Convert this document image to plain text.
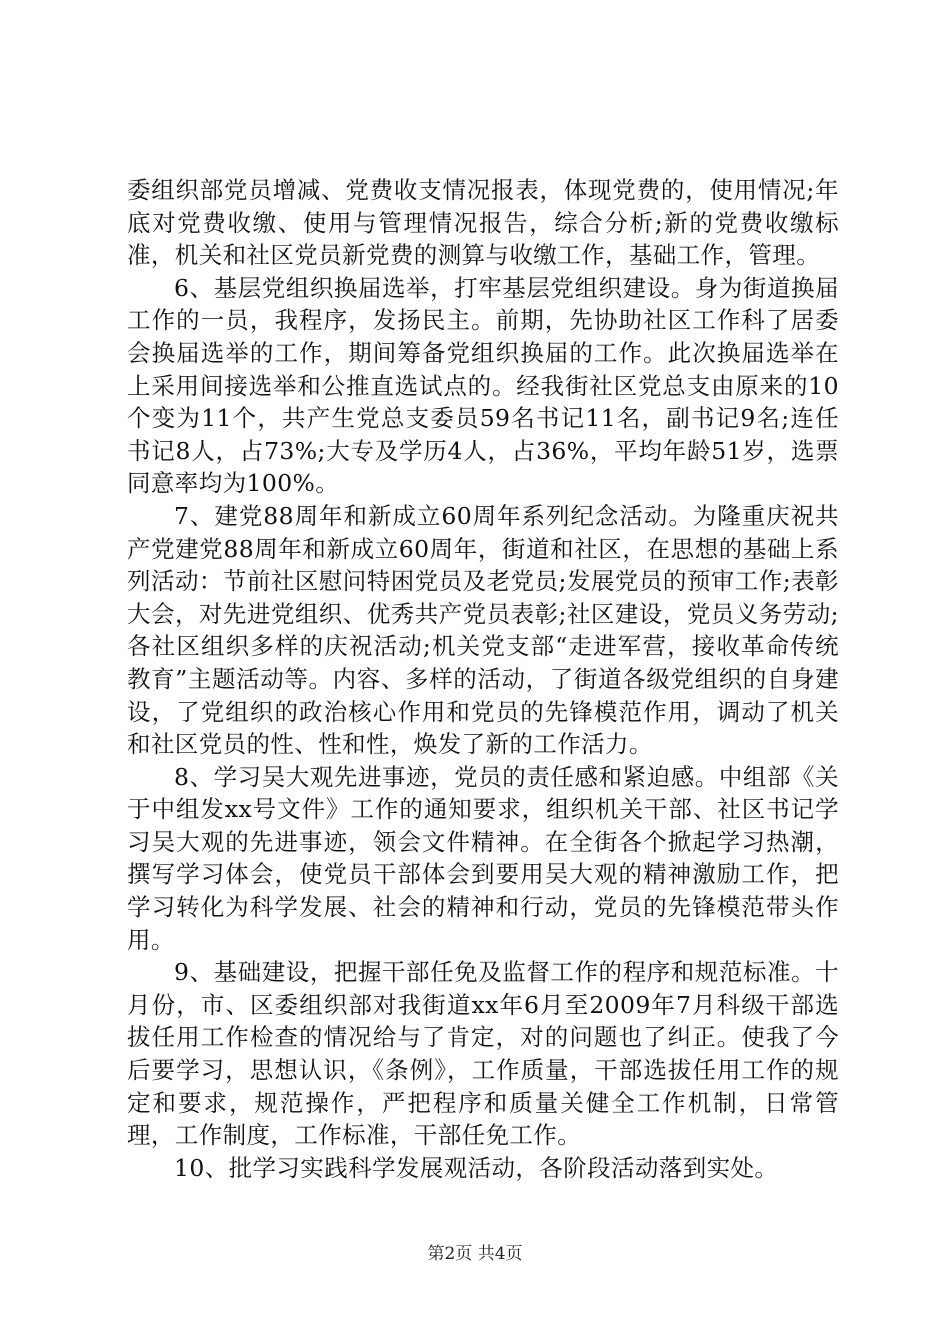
委组织部党员增减、党费收支情况报表，体现党费的，使用情况;年底对党费收缴、使用与管理情况报告，综合分析;新的党费收缴标准，机关和社区党员新党费的测算与收缴工作，基础工作，管理。

6、基层党组织换届选举，打牢基层党组织建设。身为街道换届工作的一员，我程序，发扬民主。前期，先协助社区工作科了居委会换届选举的工作，期间筹备党组织换届的工作。此次换届选举在上采用间接选举和公推直选试点的。经我街社区党总支由原来的10个变为11个，共产生党总支委员59名书记11名，副书记9名;连任书记8人，占73%;大专及学历4人，占36%，平均年龄51岁，选票同意率均为100%。

7、建党88周年和新成立60周年系列纪念活动。为隆重庆祝共产党建党88周年和新成立60周年，街道和社区，在思想的基础上系列活动：节前社区慰问特困党员及老党员;发展党员的预审工作;表彰大会，对先进党组织、优秀共产党员表彰;社区建设，党员义务劳动;各社区组织多样的庆祝活动;机关党支部“走进军营，接收革命传统教育”主题活动等。内容、多样的活动，了街道各级党组织的自身建设，了党组织的政治核心作用和党员的先锋模范作用，调动了机关和社区党员的性、性和性，焕发了新的工作活力。

8、学习吴大观先进事迹，党员的责任感和紧迫感。中组部《关于中组发xx号文件》工作的通知要求，组织机关干部、社区书记学习吴大观的先进事迹，领会文件精神。在全街各个掀起学习热潮，撰写学习体会，使党员干部体会到要用吴大观的精神激励工作，把学习转化为科学发展、社会的精神和行动，党员的先锋模范带头作用。

9、基础建设，把握干部任免及监督工作的程序和规范标准。十月份，市、区委组织部对我街道xx年6月至2009年7月科级干部选拔任用工作检查的情况给与了肯定，对的问题也了纠正。使我了今后要学习，思想认识，《条例》，工作质量，干部选拔任用工作的规定和要求，规范操作，严把程序和质量关健全工作机制，日常管理，工作制度，工作标准，干部任免工作。

10、批学习实践科学发展观活动，各阶段活动落到实处。

第2页 共4页
